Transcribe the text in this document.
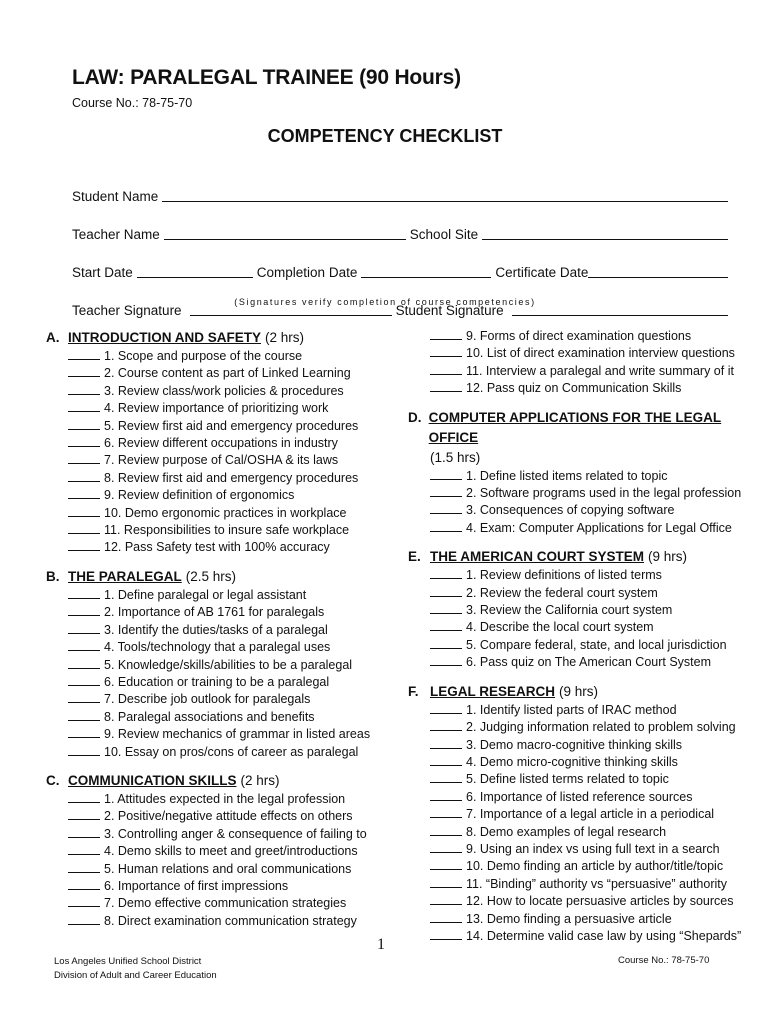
LAW: PARALEGAL TRAINEE (90 Hours)
Course No.: 78-75-70
COMPETENCY CHECKLIST
Student Name
Teacher Name	School Site
Start Date	Completion Date	Certificate Date
Teacher Signature	Student Signature
(Signatures verify completion of course competencies)
A. INTRODUCTION AND SAFETY (2 hrs)
1. Scope and purpose of the course
2. Course content as part of Linked Learning
3. Review class/work policies & procedures
4. Review importance of prioritizing work
5. Review first aid and emergency procedures
6. Review different occupations in industry
7. Review purpose of Cal/OSHA & its laws
8. Review first aid and emergency procedures
9. Review definition of ergonomics
10. Demo ergonomic practices in workplace
11. Responsibilities to insure safe workplace
12. Pass Safety test with 100% accuracy
B. THE PARALEGAL (2.5 hrs)
1. Define paralegal or legal assistant
2. Importance of AB 1761 for paralegals
3. Identify the duties/tasks of a paralegal
4. Tools/technology that a paralegal uses
5. Knowledge/skills/abilities to be a paralegal
6. Education or training to be a paralegal
7. Describe job outlook for paralegals
8. Paralegal associations and benefits
9. Review mechanics of grammar in listed areas
10. Essay on pros/cons of career as paralegal
C. COMMUNICATION SKILLS (2 hrs)
1. Attitudes expected in the legal profession
2. Positive/negative attitude effects on others
3. Controlling anger & consequence of failing to
4. Demo skills to meet and greet/introductions
5. Human relations and oral communications
6. Importance of first impressions
7. Demo effective communication strategies
8. Direct examination communication strategy
9. Forms of direct examination questions
10. List of direct examination interview questions
11. Interview a paralegal and write summary of it
12. Pass quiz on Communication Skills
D. COMPUTER APPLICATIONS FOR THE LEGAL OFFICE
(1.5 hrs)
1. Define listed items related to topic
2. Software programs used in the legal profession
3. Consequences of copying software
4. Exam: Computer Applications for Legal Office
E. THE AMERICAN COURT SYSTEM (9 hrs)
1. Review definitions of listed terms
2. Review the federal court system
3. Review the California court system
4. Describe the local court system
5. Compare federal, state, and local jurisdiction
6. Pass quiz on The American Court System
F. LEGAL RESEARCH (9 hrs)
1. Identify listed parts of IRAC method
2. Judging information related to problem solving
3. Demo macro-cognitive thinking skills
4. Demo micro-cognitive thinking skills
5. Define listed terms related to topic
6. Importance of listed reference sources
7. Importance of a legal article in a periodical
8. Demo examples of legal research
9. Using an index vs using full text in a search
10. Demo finding an article by author/title/topic
11. “Binding” authority vs “persuasive” authority
12. How to locate persuasive articles by sources
13. Demo finding a persuasive article
14. Determine valid case law by using “Shepards”
1
Los Angeles Unified School District
Division of Adult and Career Education
Course No.: 78-75-70
